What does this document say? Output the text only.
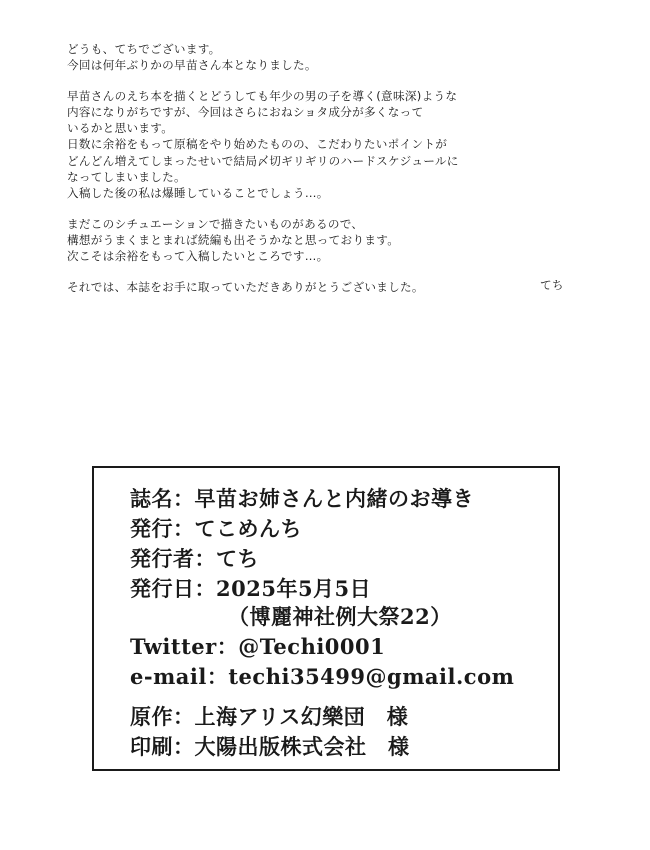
どうも、てちでございます。
今回は何年ぶりかの早苗さん本となりました。
早苗さんのえち本を描くとどうしても年少の男の子を導く(意味深)ような
内容になりがちですが、今回はさらにおねショタ成分が多くなって
いるかと思います。
日数に余裕をもって原稿をやり始めたものの、こだわりたいポイントが
どんどん増えてしまったせいで結局〆切ギリギリのハードスケジュールに
なってしまいました。
入稿した後の私は爆睡していることでしょう…。
まだこのシチュエーションで描きたいものがあるので、
構想がうまくまとまれば続編も出そうかなと思っております。
次こそは余裕をもって入稿したいところです…。
それでは、本誌をお手に取っていただきありがとうございました。	てち
誌名：早苗お姉さんと内緒のお導き
発行：てこめんち
発行者：てち
発行日：2025年5月5日
（博麗神社例大祭22）
Twitter：@Techi0001
e-mail：techi35499@gmail.com
原作：上海アリス幻樂団　様
印刷：大陽出版株式会社　様
